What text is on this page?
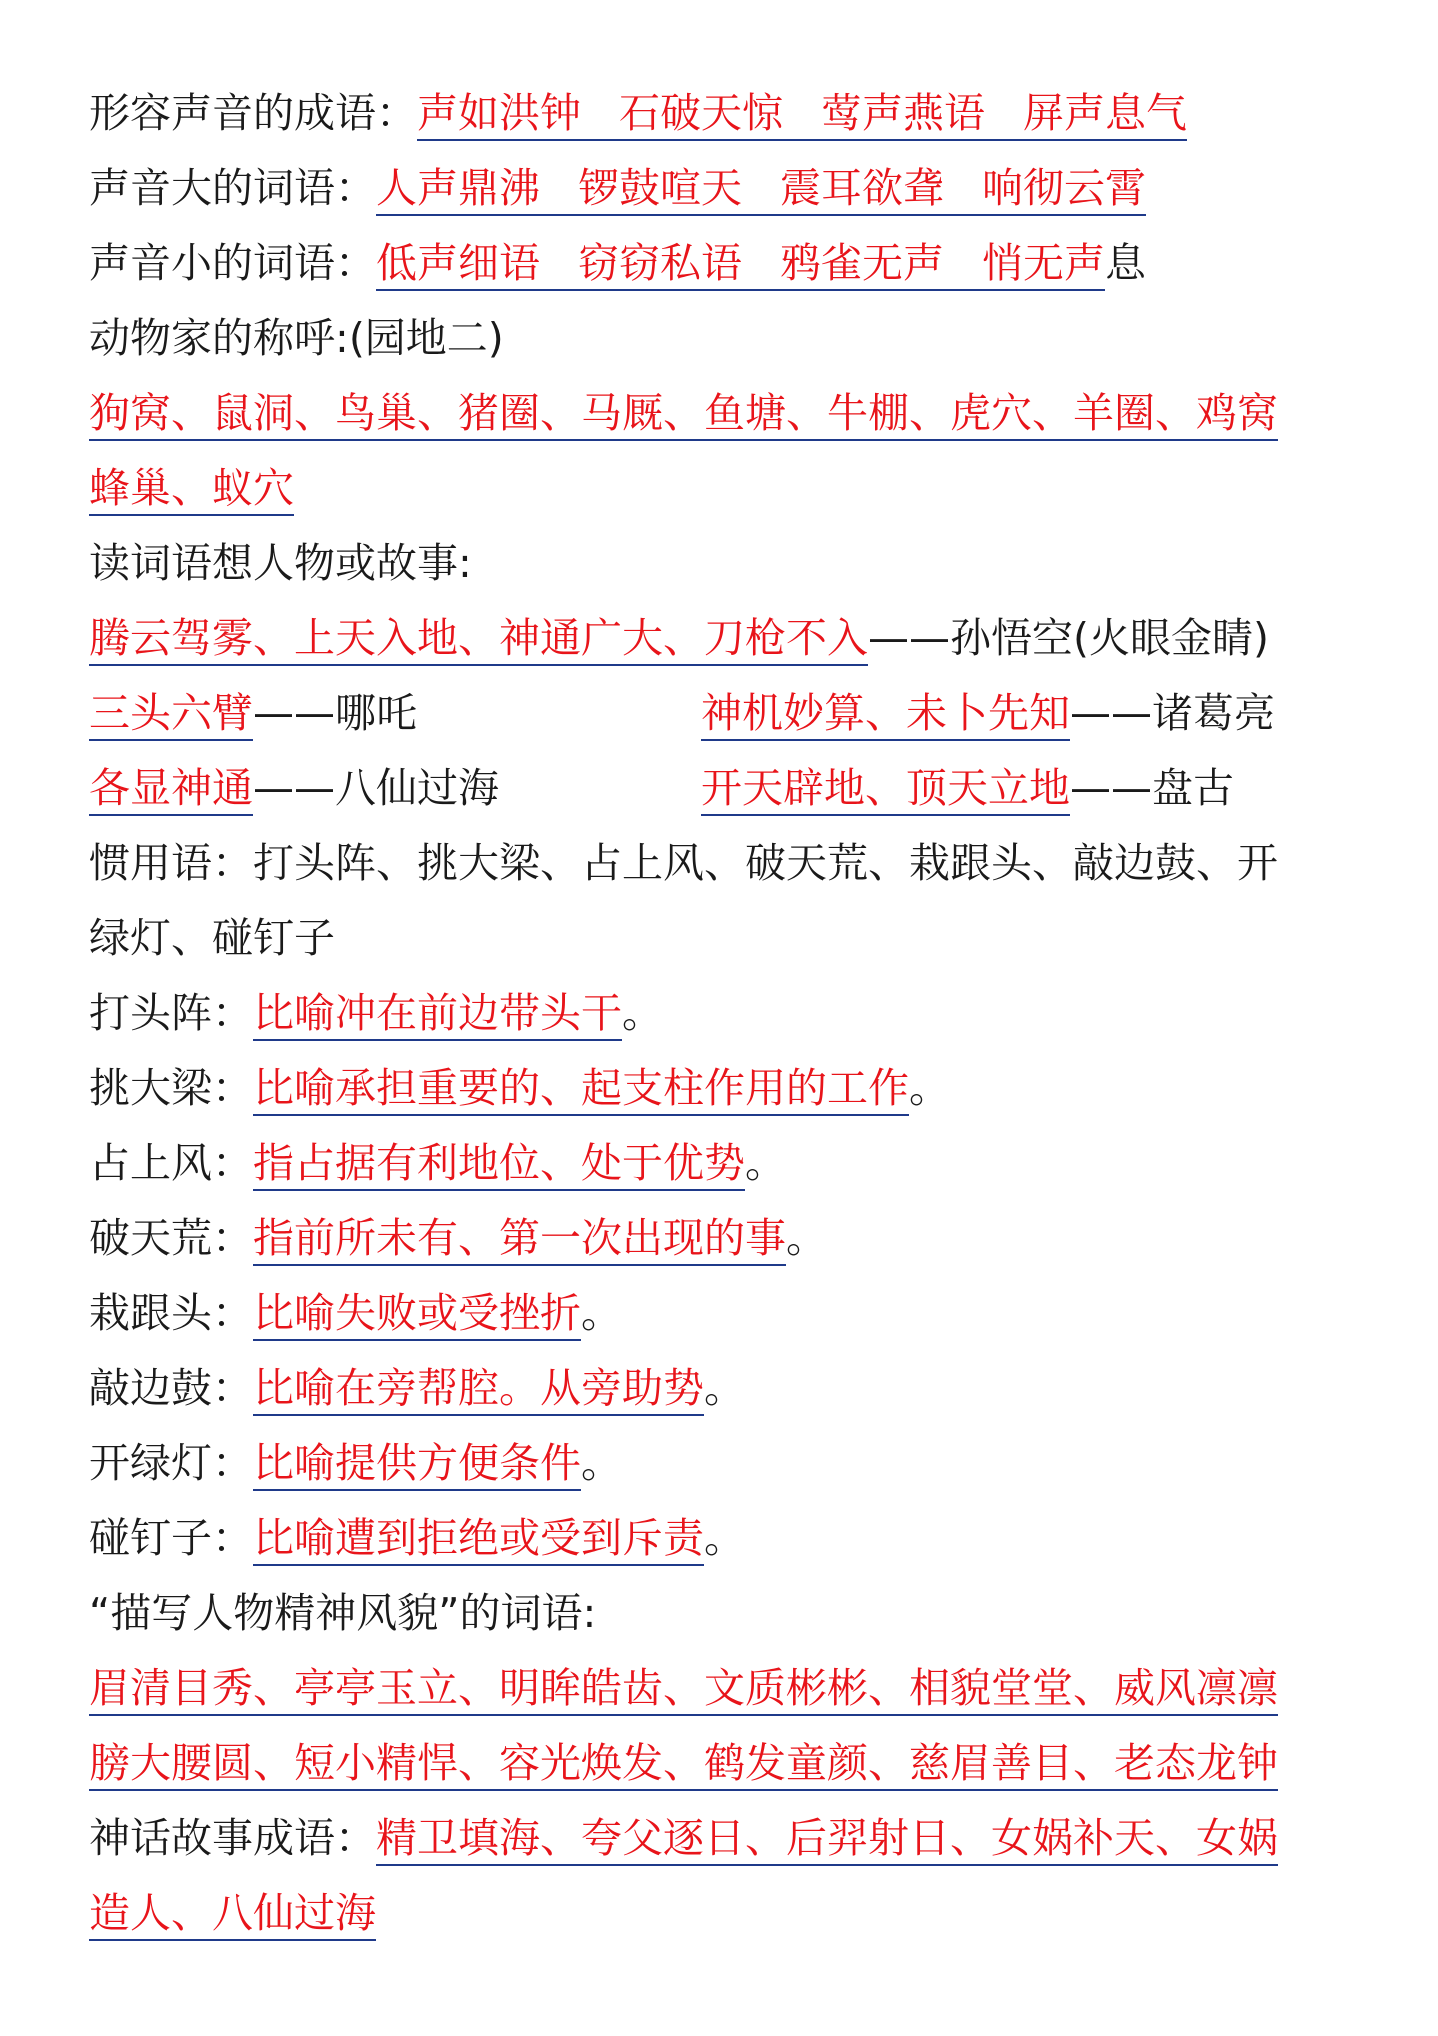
形容声音的成语：声如洪钟 石破天惊 莺声燕语 屏声息气
声音大的词语：人声鼎沸 锣鼓喧天 震耳欲聋 响彻云霄
声音小的词语：低声细语 窃窃私语 鸦雀无声 悄无声息
动物家的称呼:(园地二)
狗窝、鼠洞、鸟巢、猪圈、马厩、鱼塘、牛棚、虎穴、羊圈、鸡窝
蜂巢、蚁穴
读词语想人物或故事:
腾云驾雾、上天入地、神通广大、刀枪不入——孙悟空(火眼金睛)
三头六臂——哪吒	神机妙算、未卜先知——诸葛亮
各显神通——八仙过海	开天辟地、顶天立地——盘古
惯用语：打头阵、挑大梁、占上风、破天荒、栽跟头、敲边鼓、开
绿灯、碰钉子
打头阵：比喻冲在前边带头干。
挑大梁：比喻承担重要的、起支柱作用的工作。
占上风：指占据有利地位、处于优势。
破天荒：指前所未有、第一次出现的事。
栽跟头：比喻失败或受挫折。
敲边鼓：比喻在旁帮腔。从旁助势。
开绿灯：比喻提供方便条件。
碰钉子：比喻遭到拒绝或受到斥责。
“描写人物精神风貌”的词语:
眉清目秀、亭亭玉立、明眸皓齿、文质彬彬、相貌堂堂、威风凛凛
膀大腰圆、短小精悍、容光焕发、鹤发童颜、慈眉善目、老态龙钟
神话故事成语：精卫填海、夸父逐日、后羿射日、女娲补天、女娲
造人、八仙过海
